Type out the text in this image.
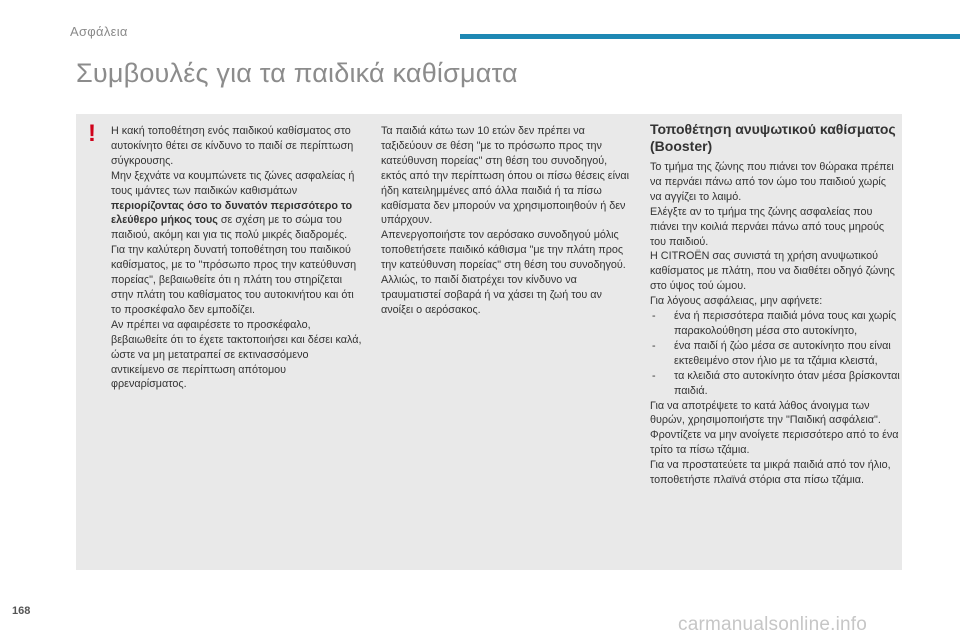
Ασφάλεια
Συμβουλές για τα παιδικά καθίσματα
! Η κακή τοποθέτηση ενός παιδικού καθίσματος στο αυτοκίνητο θέτει σε κίνδυνο το παιδί σε περίπτωση σύγκρουσης.

Μην ξεχνάτε να κουμπώνετε τις ζώνες ασφαλείας ή τους ιμάντες των παιδικών καθισμάτων περιορίζοντας όσο το δυνατόν περισσότερο το ελεύθερο μήκος τους σε σχέση με το σώμα του παιδιού, ακόμη και για τις πολύ μικρές διαδρομές.

Για την καλύτερη δυνατή τοποθέτηση του παιδικού καθίσματος, με το "πρόσωπο προς την κατεύθυνση πορείας", βεβαιωθείτε ότι η πλάτη του στηρίζεται στην πλάτη του καθίσματος του αυτοκινήτου και ότι το προσκέφαλο δεν εμποδίζει.

Αν πρέπει να αφαιρέσετε το προσκέφαλο, βεβαιωθείτε ότι το έχετε τακτοποιήσει και δέσει καλά, ώστε να μη μετατραπεί σε εκτινασσόμενο αντικείμενο σε περίπτωση απότομου φρεναρίσματος.

Τα παιδιά κάτω των 10 ετών δεν πρέπει να ταξιδεύουν σε θέση "με το πρόσωπο προς την κατεύθυνση πορείας" στη θέση του συνοδηγού, εκτός από την περίπτωση όπου οι πίσω θέσεις είναι ήδη κατειλημμένες από άλλα παιδιά ή τα πίσω καθίσματα δεν μπορούν να χρησιμοποιηθούν ή δεν υπάρχουν.

Απενεργοποιήστε τον αερόσακο συνοδηγού μόλις τοποθετήσετε παιδικό κάθισμα "με την πλάτη προς την κατεύθυνση πορείας" στη θέση του συνοδηγού. Αλλιώς, το παιδί διατρέχει τον κίνδυνο να τραυματιστεί σοβαρά ή να χάσει τη ζωή του αν ανοίξει ο αερόσακος.

Τοποθέτηση ανυψωτικού καθίσματος (Booster)

Το τμήμα της ζώνης που πιάνει τον θώρακα πρέπει να περνάει πάνω από τον ώμο του παιδιού χωρίς να αγγίζει το λαιμό.

Ελέγξτε αν το τμήμα της ζώνης ασφαλείας που πιάνει την κοιλιά περνάει πάνω από τους μηρούς του παιδιού.

Η CITROËN σας συνιστά τη χρήση ανυψωτικού καθίσματος με πλάτη, που να διαθέτει οδηγό ζώνης στο ύψος τού ώμου.

Για λόγους ασφάλειας, μην αφήνετε:

- ένα ή περισσότερα παιδιά μόνα τους και χωρίς παρακολούθηση μέσα στο αυτοκίνητο,
- ένα παιδί ή ζώο μέσα σε αυτοκίνητο που είναι εκτεθειμένο στον ήλιο με τα τζάμια κλειστά,
- τα κλειδιά στο αυτοκίνητο όταν μέσα βρίσκονται παιδιά.

Για να αποτρέψετε το κατά λάθος άνοιγμα των θυρών, χρησιμοποιήστε την "Παιδική ασφάλεια".

Φροντίζετε να μην ανοίγετε περισσότερο από το ένα τρίτο τα πίσω τζάμια.

Για να προστατεύετε τα μικρά παιδιά από τον ήλιο, τοποθετήστε πλαϊνά στόρια στα πίσω τζάμια.

168
carmanualsonline.info
